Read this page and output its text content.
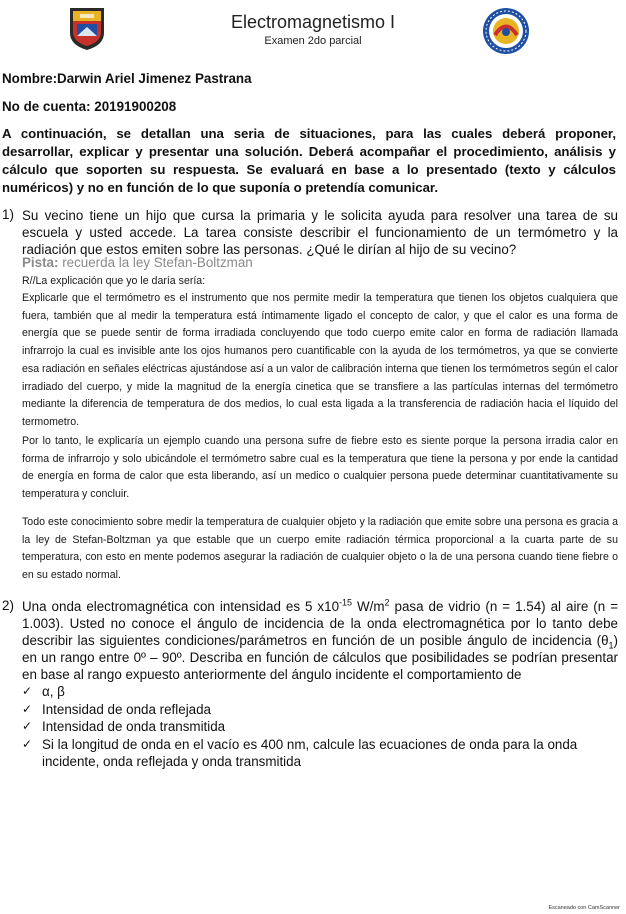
Electromagnetismo I
Examen 2do parcial
Nombre:Darwin Ariel Jimenez Pastrana
No de cuenta: 20191900208
A continuación, se detallan una seria de situaciones, para las cuales deberá proponer, desarrollar, explicar y presentar una solución. Deberá acompañar el procedimiento, análisis y cálculo que soporten su respuesta. Se evaluará en base a lo presentado (texto y cálculos numéricos) y no en función de lo que suponía o pretendía comunicar.
1) Su vecino tiene un hijo que cursa la primaria y le solicita ayuda para resolver una tarea de su escuela y usted accede. La tarea consiste describir el funcionamiento de un termómetro y la radiación que estos emiten sobre las personas. ¿Qué le dirían al hijo de su vecino?
Pista: recuerda la ley Stefan-Boltzman
R//La explicación que yo le daría sería:
Explicarle que el termómetro es el instrumento que nos permite medir la temperatura que tienen los objetos cualquiera que fuera, también que al medir la temperatura está íntimamente ligado el concepto de calor, y que el calor es una forma de energía que se puede sentir de forma irradiada concluyendo que todo cuerpo emite calor en forma de radiación llamada infrarrojo la cual es invisible ante los ojos humanos pero cuantificable con la ayuda de los termómetros, ya que se convierte esa radiación en señales eléctricas ajustándose así a un valor de calibración interna que tienen los termómetros según el calor irradiado del cuerpo, y mide la magnitud de la energía cinetica que se transfiere a las partículas internas del termómetro mediante la diferencia de temperatura de dos medios, lo cual esta ligada a la transferencia de radiación hacia el líquido del termometro.
Por lo tanto, le explicaría un ejemplo cuando una persona sufre de fiebre esto es siente porque la persona irradia calor en forma de infrarrojo y solo ubicándole el termómetro sabre cual es la temperatura que tiene la persona y por ende la cantidad de energía en forma de calor que esta liberando, así un medico o cualquier persona puede determinar cuantitativamente su temperatura y concluir.
Todo este conocimiento sobre medir la temperatura de cualquier objeto y la radiación que emite sobre una persona es gracia a la ley de Stefan-Boltzman ya que estable que un cuerpo emite radiación térmica proporcional a la cuarta parte de su temperatura, con esto en mente podemos asegurar la radiación de cualquier objeto o la de una persona cuando tiene fiebre o en su estado normal.
2) Una onda electromagnética con intensidad es 5 $x10^{-15}$ $W/m^2$ pasa de vidrio (n = 1.54) al aire (n = 1.003). Usted no conoce el ángulo de incidencia de la onda electromagnética por lo tanto debe describir las siguientes condiciones/parámetros en función de un posible ángulo de incidencia $(\theta_1)$ en un rango entre 0º – 90º. Describa en función de cálculos que posibilidades se podrían presentar en base al rango expuesto anteriormente del ángulo incidente el comportamiento de
✓ α, β
✓ Intensidad de onda reflejada
✓ Intensidad de onda transmitida
✓ Si la longitud de onda en el vacío es 400 nm, calcule las ecuaciones de onda para la onda incidente, onda reflejada y onda transmitida
Escaneado con CamScanner
